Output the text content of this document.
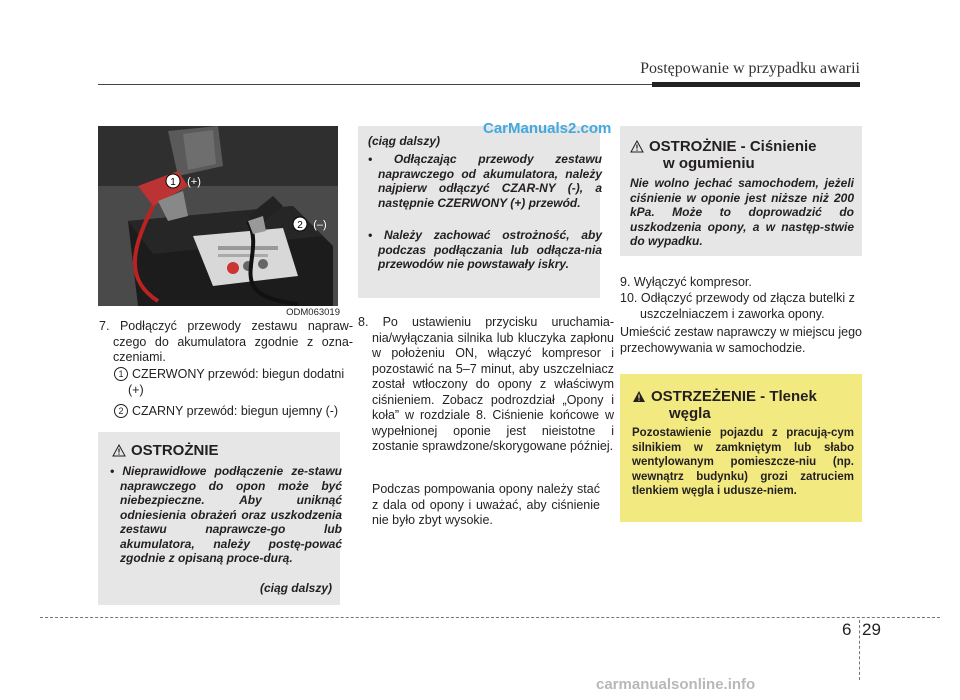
Postępowanie w przypadku awarii
1 (+)
2 (–)
ODM063019
7. Podłączyć przewody zestawu napraw-czego do akumulatora zgodnie z ozna-czeniami.
1 CZERWONY przewód: biegun dodatni (+)
2 CZARNY przewód: biegun ujemny (-)
OSTROŻNIE
• Nieprawidłowe podłączenie ze-stawu naprawczego do opon może być niebezpieczne. Aby uniknąć odniesienia obrażeń oraz uszkodzenia zestawu naprawcze-go lub akumulatora, należy postę-pować zgodnie z opisaną proce-durą.
(ciąg dalszy)
(ciąg dalszy)
• Odłączając przewody zestawu naprawczego od akumulatora, należy najpierw odłączyć CZAR-NY (-), a następnie CZERWONY (+) przewód.
• Należy zachować ostrożność, aby podczas podłączania lub odłącza-nia przewodów nie powstawały iskry.
8. Po ustawieniu przycisku uruchamia-nia/wyłączania silnika lub kluczyka zapłonu w położeniu ON, włączyć kompresor i pozostawić na 5–7 minut, aby uszczelniacz został wtłoczony do opony z właściwym ciśnieniem. Zobacz podrozdział „Opony i koła” w rozdziale 8. Ciśnienie końcowe w wypełnionej oponie jest nieistotne i zostanie sprawdzone/skorygowane później.
Podczas pompowania opony należy stać z dala od opony i uważać, aby ciśnienie nie było zbyt wysokie.
OSTROŻNIE - Ciśnienie
w ogumieniu
Nie wolno jechać samochodem, jeżeli ciśnienie w oponie jest niższe niż 200 kPa. Może to doprowadzić do uszkodzenia opony, a w następ-stwie do wypadku.
9. Wyłączyć kompresor.
10. Odłączyć przewody od złącza butelki z uszczelniaczem i zaworka opony.
Umieścić zestaw naprawczy w miejscu jego przechowywania w samochodzie.
OSTRZEŻENIE - Tlenek
węgla
Pozostawienie pojazdu z pracują-cym silnikiem w zamkniętym lub słabo wentylowanym pomieszcze-niu (np. wewnątrz budynku) grozi zatruciem tlenkiem węgla i udusze-niem.
6 29
CarManuals2.com
carmanualsonline.info
